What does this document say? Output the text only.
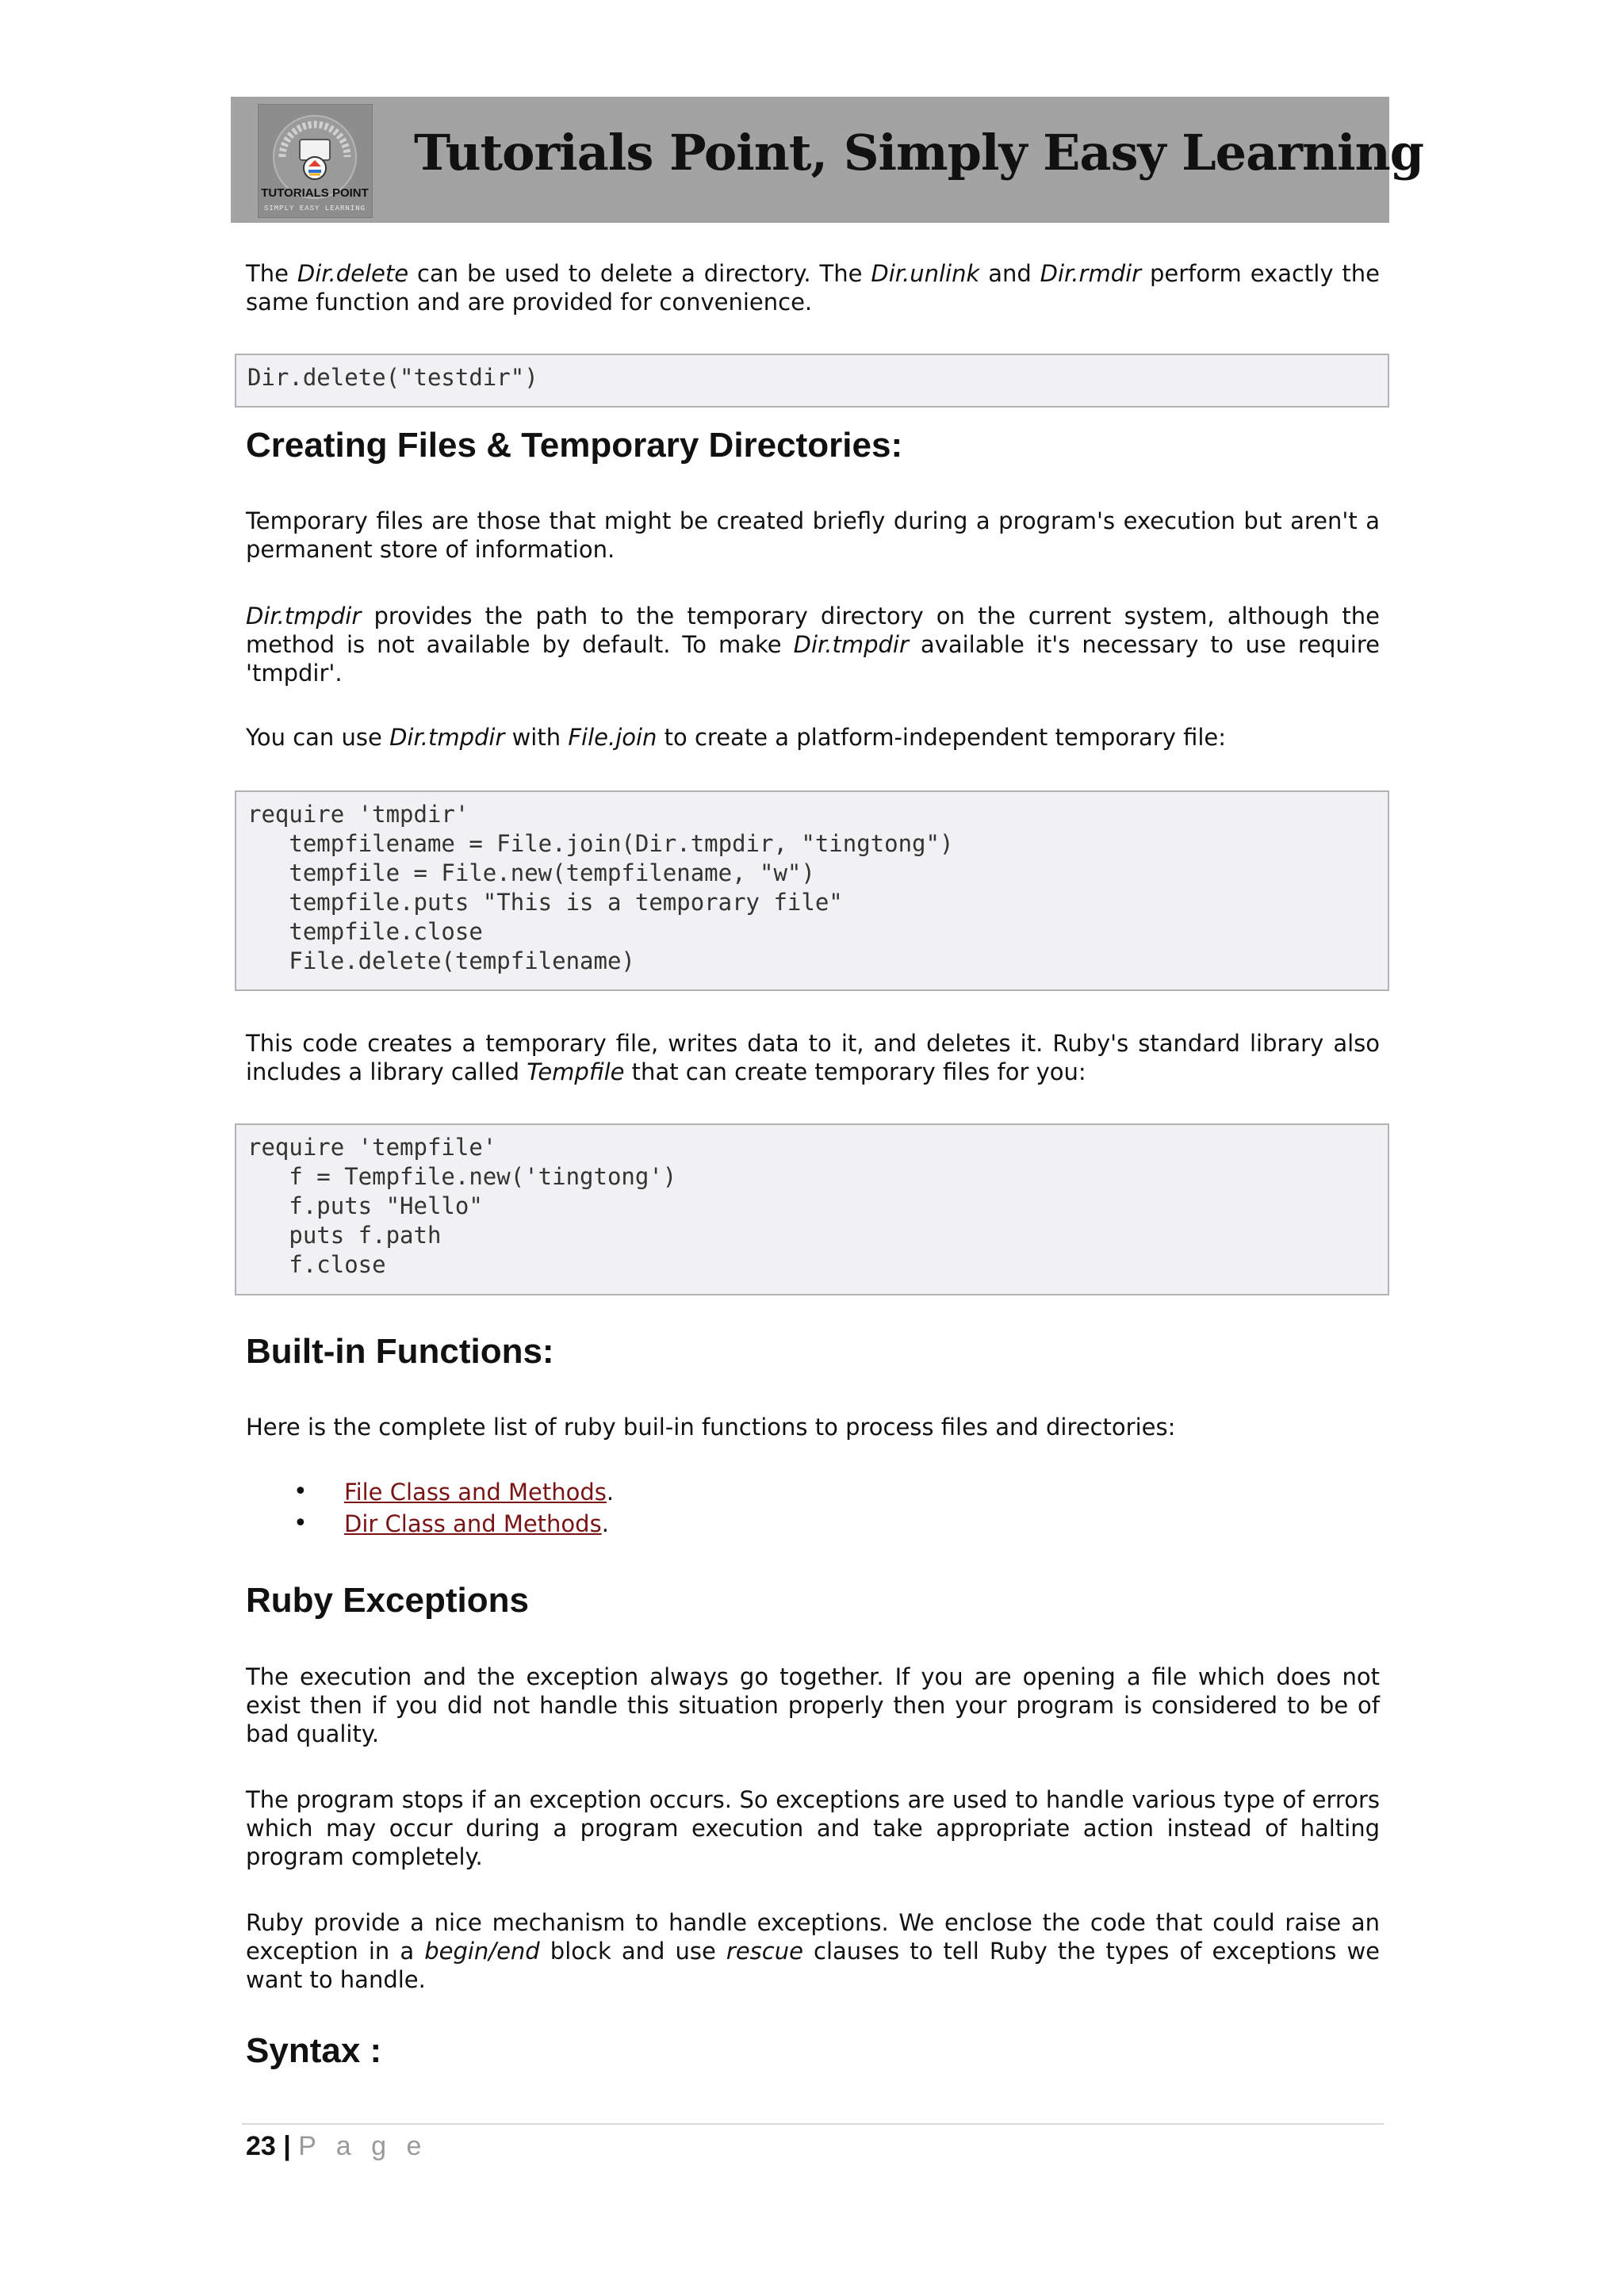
TUTORIALS POINT
SIMPLY EASY LEARNING
Tutorials Point, Simply Easy Learning
The Dir.delete can be used to delete a directory. The Dir.unlink and Dir.rmdir perform exactly the same function and are provided for convenience.
Dir.delete("testdir")
Creating Files & Temporary Directories:
Temporary files are those that might be created briefly during a program's execution but aren't a permanent store of information.
Dir.tmpdir provides the path to the temporary directory on the current system, although the method is not available by default. To make Dir.tmpdir available it's necessary to use require 'tmpdir'.
You can use Dir.tmpdir with File.join to create a platform-independent temporary file:
require 'tmpdir'
tempfilename = File.join(Dir.tmpdir, "tingtong")
tempfile = File.new(tempfilename, "w")
tempfile.puts "This is a temporary file"
tempfile.close
File.delete(tempfilename)
This code creates a temporary file, writes data to it, and deletes it. Ruby's standard library also includes a library called Tempfile that can create temporary files for you:
require 'tempfile'
f = Tempfile.new('tingtong')
f.puts "Hello"
puts f.path
f.close
Built-in Functions:
Here is the complete list of ruby buil-in functions to process files and directories:
•	File Class and Methods .
•	Dir Class and Methods .
Ruby Exceptions
The execution and the exception always go together. If you are opening a file which does not exist then if you did not handle this situation properly then your program is considered to be of bad quality.
The program stops if an exception occurs. So exceptions are used to handle various type of errors which may occur during a program execution and take appropriate action instead of halting program completely.
Ruby provide a nice mechanism to handle exceptions. We enclose the code that could raise an exception in a begin/end block and use rescue clauses to tell Ruby the types of exceptions we want to handle.
Syntax :
23 | P a g e
